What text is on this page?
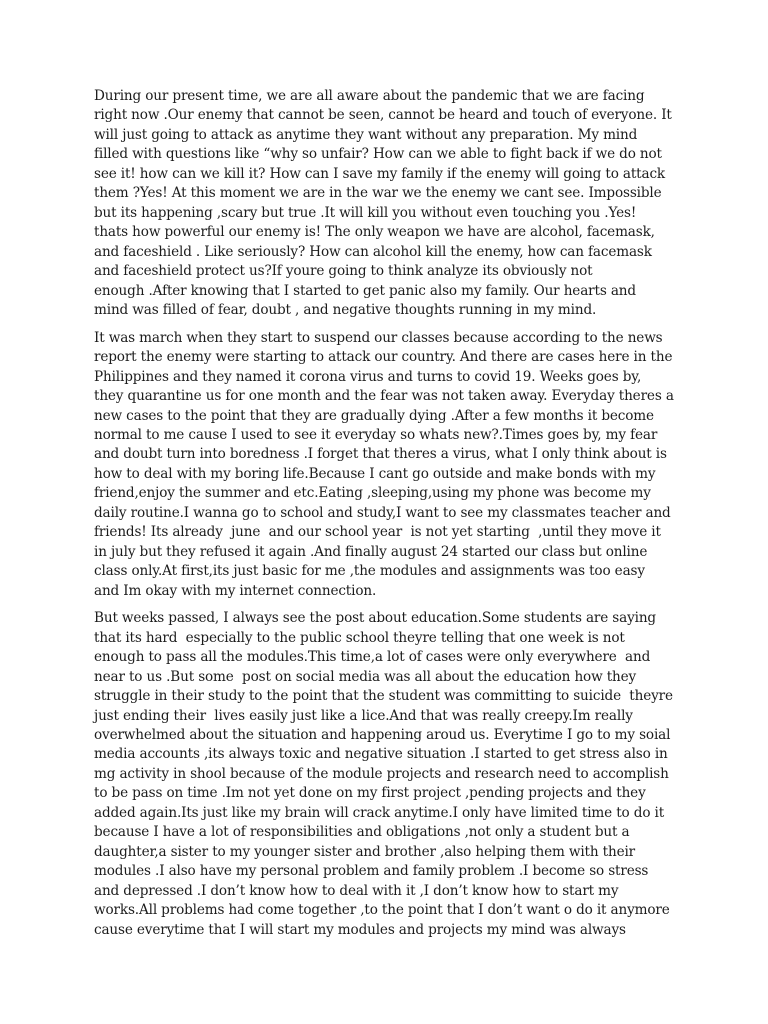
During our present time, we are all aware about the pandemic that we are facing
right now .Our enemy that cannot be seen, cannot be heard and touch of everyone. It
will just going to attack as anytime they want without any preparation. My mind
filled with questions like “why so unfair? How can we able to fight back if we do not
see it! how can we kill it? How can I save my family if the enemy will going to attack
them ?Yes! At this moment we are in the war we the enemy we cant see. Impossible
but its happening ,scary but true .It will kill you without even touching you .Yes!
thats how powerful our enemy is! The only weapon we have are alcohol, facemask,
and faceshield . Like seriously? How can alcohol kill the enemy, how can facemask
and faceshield protect us?If youre going to think analyze its obviously not
enough .After knowing that I started to get panic also my family. Our hearts and
mind was filled of fear, doubt , and negative thoughts running in my mind.

It was march when they start to suspend our classes because according to the news
report the enemy were starting to attack our country. And there are cases here in the
Philippines and they named it corona virus and turns to covid 19. Weeks goes by,
they quarantine us for one month and the fear was not taken away. Everyday theres a
new cases to the point that they are gradually dying .After a few months it become
normal to me cause I used to see it everyday so whats new?.Times goes by, my fear
and doubt turn into boredness .I forget that theres a virus, what I only think about is
how to deal with my boring life.Because I cant go outside and make bonds with my
friend,enjoy the summer and etc.Eating ,sleeping,using my phone was become my
daily routine.I wanna go to school and study,I want to see my classmates teacher and
friends! Its already  june  and our school year  is not yet starting  ,until they move it
in july but they refused it again .And finally august 24 started our class but online
class only.At first,its just basic for me ,the modules and assignments was too easy
and Im okay with my internet connection.

But weeks passed, I always see the post about education.Some students are saying
that its hard  especially to the public school theyre telling that one week is not
enough to pass all the modules.This time,a lot of cases were only everywhere  and
near to us .But some  post on social media was all about the education how they
struggle in their study to the point that the student was committing to suicide  theyre
just ending their  lives easily just like a lice.And that was really creepy.Im really
overwhelmed about the situation and happening aroud us. Everytime I go to my soial
media accounts ,its always toxic and negative situation .I started to get stress also in
mg activity in shool because of the module projects and research need to accomplish
to be pass on time .Im not yet done on my first project ,pending projects and they
added again.Its just like my brain will crack anytime.I only have limited time to do it
because I have a lot of responsibilities and obligations ,not only a student but a
daughter,a sister to my younger sister and brother ,also helping them with their
modules .I also have my personal problem and family problem .I become so stress
and depressed .I don’t know how to deal with it ,I don’t know how to start my
works.All problems had come together ,to the point that I don’t want o do it anymore
cause everytime that I will start my modules and projects my mind was always
